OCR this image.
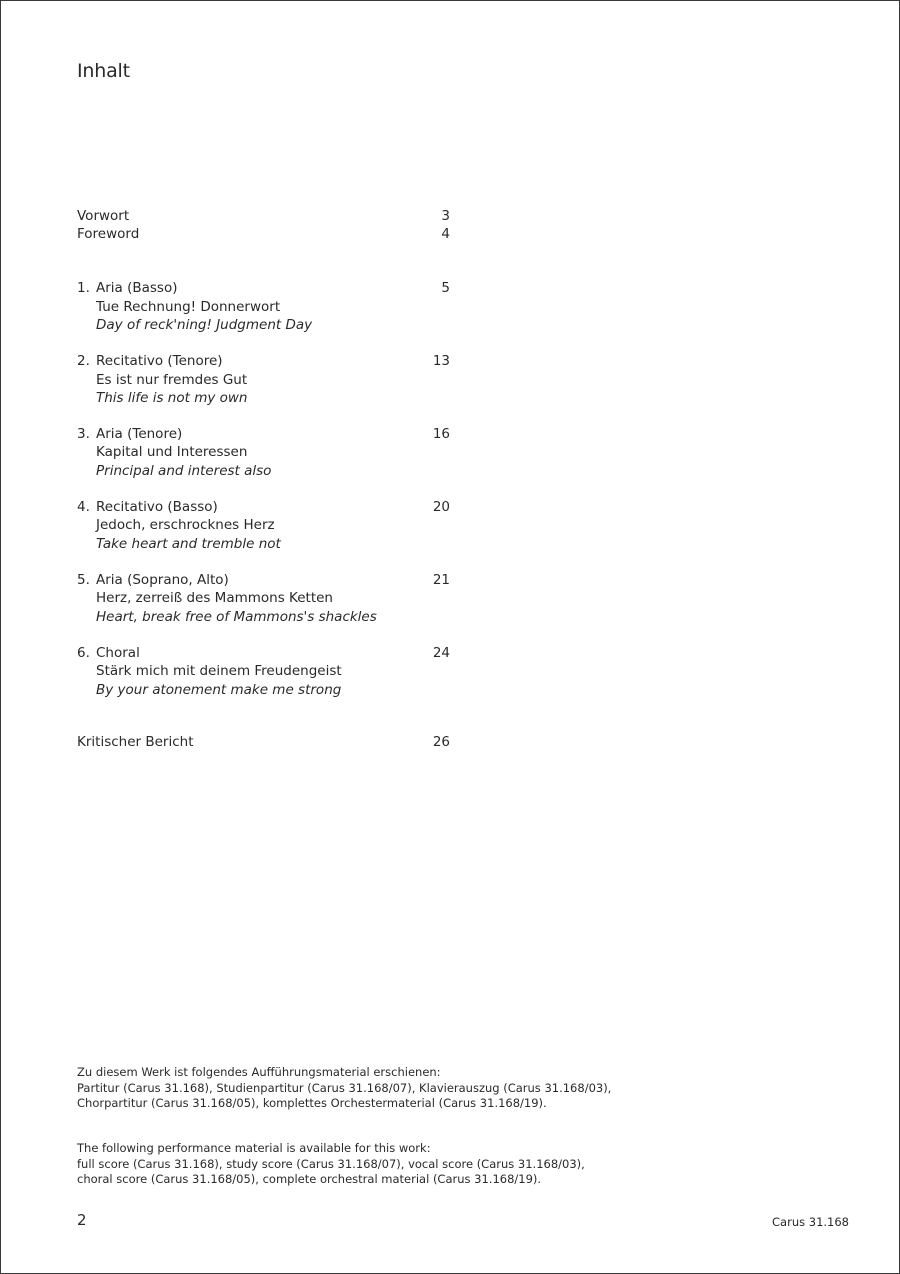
Inhalt
Vorwort	3
Foreword	4
1. Aria (Basso)	5
Tue Rechnung! Donnerwort
Day of reck'ning! Judgment Day
2. Recitativo (Tenore)	13
Es ist nur fremdes Gut
This life is not my own
3. Aria (Tenore)	16
Kapital und Interessen
Principal and interest also
4. Recitativo (Basso)	20
Jedoch, erschrocknes Herz
Take heart and tremble not
5. Aria (Soprano, Alto)	21
Herz, zerreiß des Mammons Ketten
Heart, break free of Mammons's shackles
6. Choral	24
Stärk mich mit deinem Freudengeist
By your atonement make me strong
Kritischer Bericht	26
Zu diesem Werk ist folgendes Aufführungsmaterial erschienen:
Partitur (Carus 31.168), Studienpartitur (Carus 31.168/07), Klavierauszug (Carus 31.168/03),
Chorpartitur (Carus 31.168/05), komplettes Orchestermaterial (Carus 31.168/19).
The following performance material is available for this work:
full score (Carus 31.168), study score (Carus 31.168/07), vocal score (Carus 31.168/03),
choral score (Carus 31.168/05), complete orchestral material (Carus 31.168/19).
2	Carus 31.168
